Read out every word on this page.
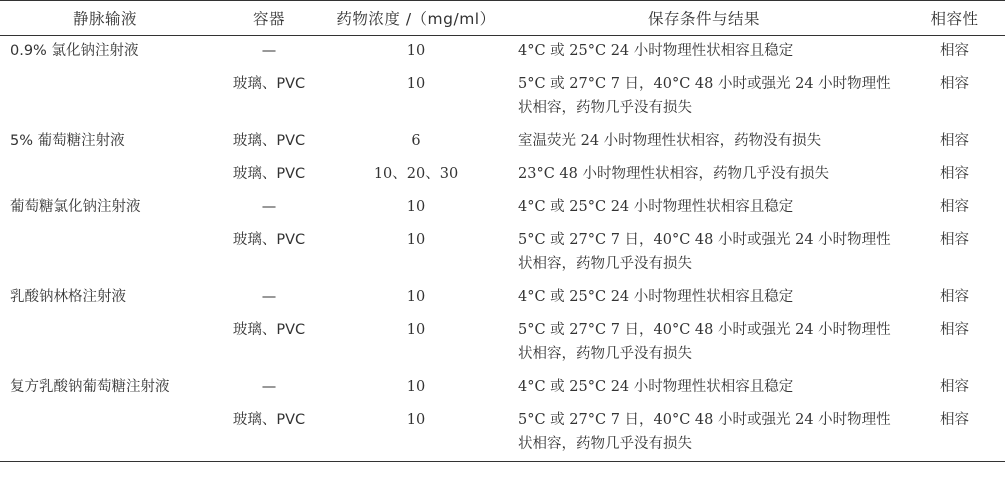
静脉输液	容器	药物浓度 /（mg/ml）	保存条件与结果	相容性
0.9% 氯化钠注射液	—	10	4°C 或 25°C 24 小时物理性状相容且稳定	相容
	玻璃、PVC	10	5°C 或 27°C 7 日，40°C 48 小时或强光 24 小时物理性状相容，药物几乎没有损失	相容
5% 葡萄糖注射液	玻璃、PVC	6	室温荧光 24 小时物理性状相容，药物没有损失	相容
	玻璃、PVC	10、20、30	23°C 48 小时物理性状相容，药物几乎没有损失	相容
葡萄糖氯化钠注射液	—	10	4°C 或 25°C 24 小时物理性状相容且稳定	相容
	玻璃、PVC	10	5°C 或 27°C 7 日，40°C 48 小时或强光 24 小时物理性状相容，药物几乎没有损失	相容
乳酸钠林格注射液	—	10	4°C 或 25°C 24 小时物理性状相容且稳定	相容
	玻璃、PVC	10	5°C 或 27°C 7 日，40°C 48 小时或强光 24 小时物理性状相容，药物几乎没有损失	相容
复方乳酸钠葡萄糖注射液	—	10	4°C 或 25°C 24 小时物理性状相容且稳定	相容
	玻璃、PVC	10	5°C 或 27°C 7 日，40°C 48 小时或强光 24 小时物理性状相容，药物几乎没有损失	相容
